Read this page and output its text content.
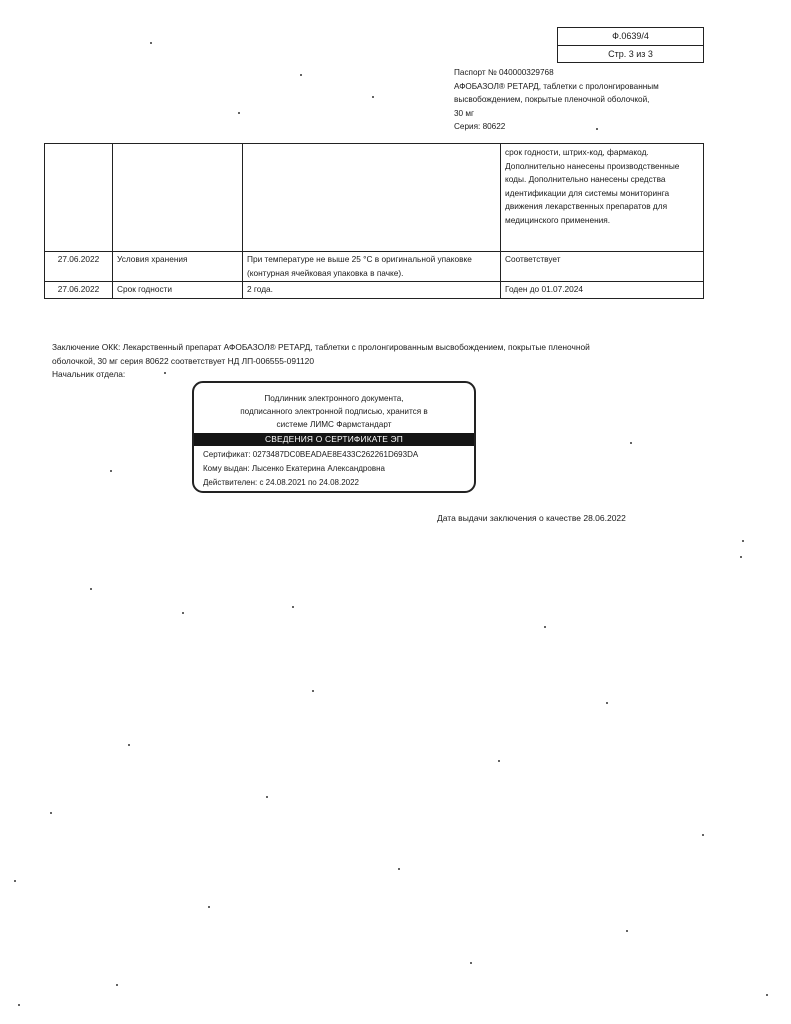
Ф.0639/4
Стр. 3 из 3
Паспорт № 040000329768
АФОБАЗОЛ® РЕТАРД, таблетки с пролонгированным
высвобождением, покрытые пленочной оболочкой,
30 мг
Серия: 80622
			срок годности, штрих-код, фармакод. Дополнительно нанесены производственные коды. Дополнительно нанесены средства идентификации для системы мониторинга движения лекарственных препаратов для медицинского применения.
27.06.2022	Условия хранения	При температуре не выше 25 °С в оригинальной упаковке (контурная ячейковая упаковка в пачке).	Соответствует
27.06.2022	Срок годности	2 года.	Годен до 01.07.2024
Заключение ОКК: Лекарственный препарат АФОБАЗОЛ® РЕТАРД, таблетки с пролонгированным высвобождением, покрытые пленочной оболочкой, 30 мг серия 80622 соответствует НД ЛП-006555-091120
Начальник отдела:
Подлинник электронного документа,
подписанного электронной подписью, хранится в
системе ЛИМС Фармстандарт
СВЕДЕНИЯ О СЕРТИФИКАТЕ ЭП
Сертификат: 0273487DC0BEADAE8E433C262261D693DA
Кому выдан: Лысенко Екатерина Александровна
Действителен: с 24.08.2021 по 24.08.2022
Дата выдачи заключения о качестве 28.06.2022
